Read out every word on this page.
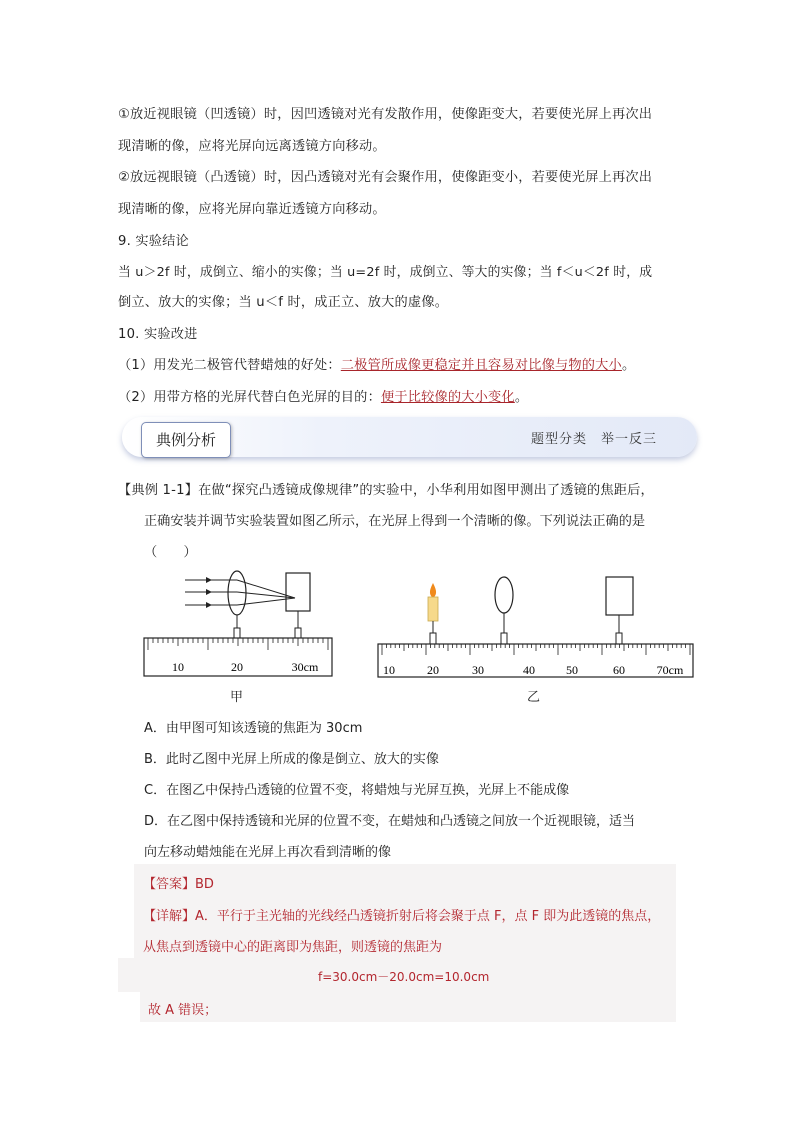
①放近视眼镜（凹透镜）时，因凹透镜对光有发散作用，使像距变大，若要使光屏上再次出
现清晰的像，应将光屏向远离透镜方向移动。
②放远视眼镜（凸透镜）时，因凸透镜对光有会聚作用，使像距变小，若要使光屏上再次出
现清晰的像，应将光屏向靠近透镜方向移动。
9. 实验结论
当 u＞2f 时，成倒立、缩小的实像；当 u=2f 时，成倒立、等大的实像；当 f＜u＜2f 时，成
倒立、放大的实像；当 u＜f 时，成正立、放大的虚像。
10. 实验改进
（1）用发光二极管代替蜡烛的好处：二极管所成像更稳定并且容易对比像与物的大小。
（2）用带方格的光屏代替白色光屏的目的：便于比较像的大小变化。
典例分析	题型分类　举一反三
【典例 1-1】在做“探究凸透镜成像规律”的实验中，小华利用如图甲测出了透镜的焦距后，
正确安装并调节实验装置如图乙所示，在光屏上得到一个清晰的像。下列说法正确的是
（　　）
10	20	30cm
甲
10	20	30	40	50	60	70cm
乙
A．由甲图可知该透镜的焦距为 30cm
B．此时乙图中光屏上所成的像是倒立、放大的实像
C．在图乙中保持凸透镜的位置不变，将蜡烛与光屏互换，光屏上不能成像
D．在乙图中保持透镜和光屏的位置不变，在蜡烛和凸透镜之间放一个近视眼镜，适当
向左移动蜡烛能在光屏上再次看到清晰的像
【答案】BD
【详解】A．平行于主光轴的光线经凸透镜折射后将会聚于点 F，点 F 即为此透镜的焦点，
从焦点到透镜中心的距离即为焦距，则透镜的焦距为
f=30.0cm－20.0cm=10.0cm
故 A 错误；
